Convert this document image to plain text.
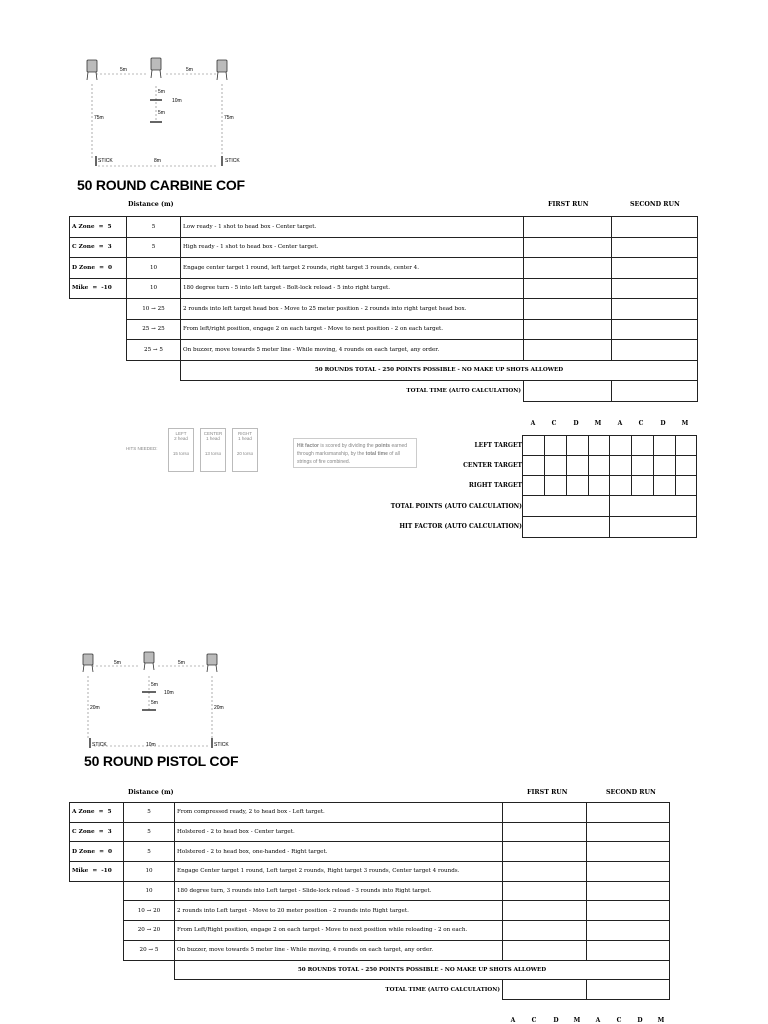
5m	5m
5m
10m
5m
75m	75m
STICK	8m	STICK
50 ROUND CARBINE COF
Distance (m)	FIRST RUN	SECOND RUN
A Zone = 5	5	Low ready - 1 shot to head box - Center target.		
C Zone = 3	5	High ready - 1 shot to head box - Center target.		
D Zone = 0	10	Engage center target 1 round, left target 2 rounds, right target 3 rounds, center 4.		
Mike = -10	10	180 degree turn - 5 into left target - Bolt-lock reload - 5 into right target.		
	10 → 25	2 rounds into left target head box - Move to 25 meter position - 2 rounds into right target head box.		
	25 → 25	From left/right position, engage 2 on each target - Move to next position - 2 on each target.		
	25 → 5	On buzzer, move towards 5 meter line - While moving, 4 rounds on each target, any order.		
		50 ROUNDS TOTAL - 250 POINTS POSSIBLE - NO MAKE UP SHOTS ALLOWED		
		TOTAL TIME (AUTO CALCULATION)		
HITS NEEDED:
LEFT
2 head
15 torso
CENTER
1 head
13 torso
RIGHT
1 head
20 torso
Hit factor is scored by dividing the points earned through marksmanship, by the total time of all strings of fire combined.
A	C	D	M	A	C	D	M
LEFT TARGET
CENTER TARGET
RIGHT TARGET
TOTAL POINTS (AUTO CALCULATION)
HIT FACTOR (AUTO CALCULATION)

5m	5m
5m
10m
5m
20m	20m
STICK	10m	STICK
50 ROUND PISTOL COF
Distance (m)	FIRST RUN	SECOND RUN
A Zone = 5	5	From compressed ready, 2 to head box - Left target.		
C Zone = 3	5	Holstered - 2 to head box - Center target.		
D Zone = 0	5	Holstered - 2 to head box, one-handed - Right target.		
Mike = -10	10	Engage Center target 1 round, Left target 2 rounds, Right target 3 rounds, Center target 4 rounds.		
	10	180 degree turn, 3 rounds into Left target - Slide-lock reload - 3 rounds into Right target.		
	10 → 20	2 rounds into Left target - Move to 20 meter position - 2 rounds into Right target.		
	20 → 20	From Left/Right position, engage 2 on each target - Move to next position while reloading - 2 on each.		
	20 → 5	On buzzer, move towards 5 meter line - While moving, 4 rounds on each target, any order.		
		50 ROUNDS TOTAL - 250 POINTS POSSIBLE - NO MAKE UP SHOTS ALLOWED		
		TOTAL TIME (AUTO CALCULATION)		
A	C	D	M	A	C	D	M
